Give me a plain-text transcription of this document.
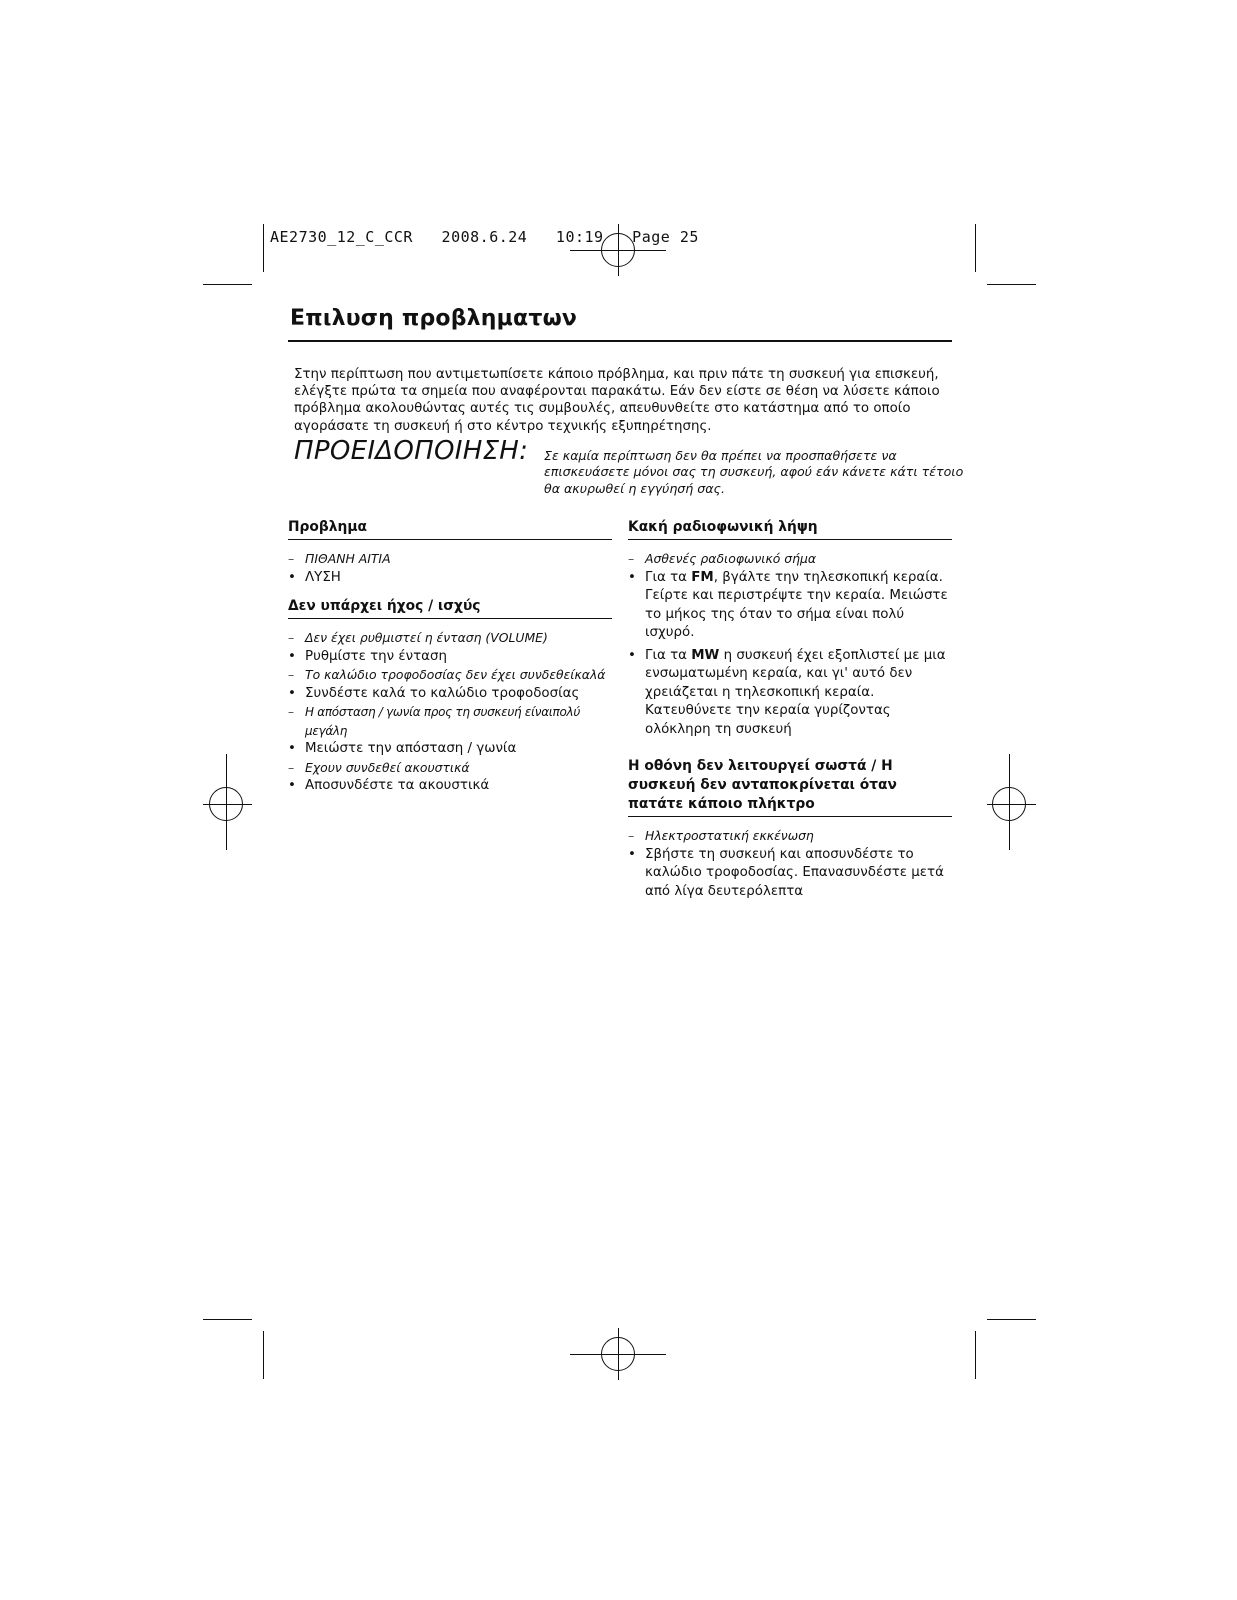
AE2730_12_C_CCR   2008.6.24   10:19   Page 25
Επιλυση προβληματων
Στην περίπτωση που αντιμετωπίσετε κάποιο πρόβλημα, και πριν πάτε τη συσκευή για επισκευή, ελέγξτε πρώτα τα σημεία που αναφέρονται παρακάτω. Εάν δεν είστε σε θέση να λύσετε κάποιο πρόβλημα ακολουθώντας αυτές τις συμβουλές, απευθυνθείτε στο κατάστημα από το οποίο αγοράσατε τη συσκευή ή στο κέντρο τεχνικής εξυπηρέτησης.
ΠΡΟΕΙΔΟΠΟΙΗΣΗ: Σε καμία περίπτωση δεν θα πρέπει να προσπαθήσετε να επισκευάσετε μόνοι σας τη συσκευή, αφού εάν κάνετε κάτι τέτοιο θα ακυρωθεί η εγγύησή σας.
Προβλημα
– ΠΙΘΑΝΗ ΑΙΤΙΑ
• ΛΥΣΗ
Δεν υπάρχει ήχος / ισχύς
– Δεν έχει ρυθμιστεί η ένταση (VOLUME)
• Ρυθμίστε την ένταση
– Το καλώδιο τροφοδοσίας δεν έχει συνδεθείκαλά
• Συνδέστε καλά το καλώδιο τροφοδοσίας
– Η απόσταση / γωνία προς τη συσκευή είναιπολύ μεγάλη
• Μειώστε την απόσταση / γωνία
– Εχουν συνδεθεί ακουστικά
• Αποσυνδέστε τα ακουστικά
Κακή ραδιοφωνική λήψη
– Ασθενές ραδιοφωνικό σήμα
• Για τα FM, βγάλτε την τηλεσκοπική κεραία. Γείρτε και περιστρέψτε την κεραία. Μειώστε το μήκος της όταν το σήμα είναι πολύ ισχυρό.
• Για τα MW η συσκευή έχει εξοπλιστεί με μια ενσωματωμένη κεραία, και γι' αυτό δεν χρειάζεται η τηλεσκοπική κεραία. Κατευθύνετε την κεραία γυρίζοντας ολόκληρη τη συσκευή
Η οθόνη δεν λειτουργεί σωστά / Η συσκευή δεν ανταποκρίνεται όταν πατάτε κάποιο πλήκτρο
– Ηλεκτροστατική εκκένωση
• Σβήστε τη συσκευή και αποσυνδέστε το καλώδιο τροφοδοσίας. Επανασυνδέστε μετά από λίγα δευτερόλεπτα
